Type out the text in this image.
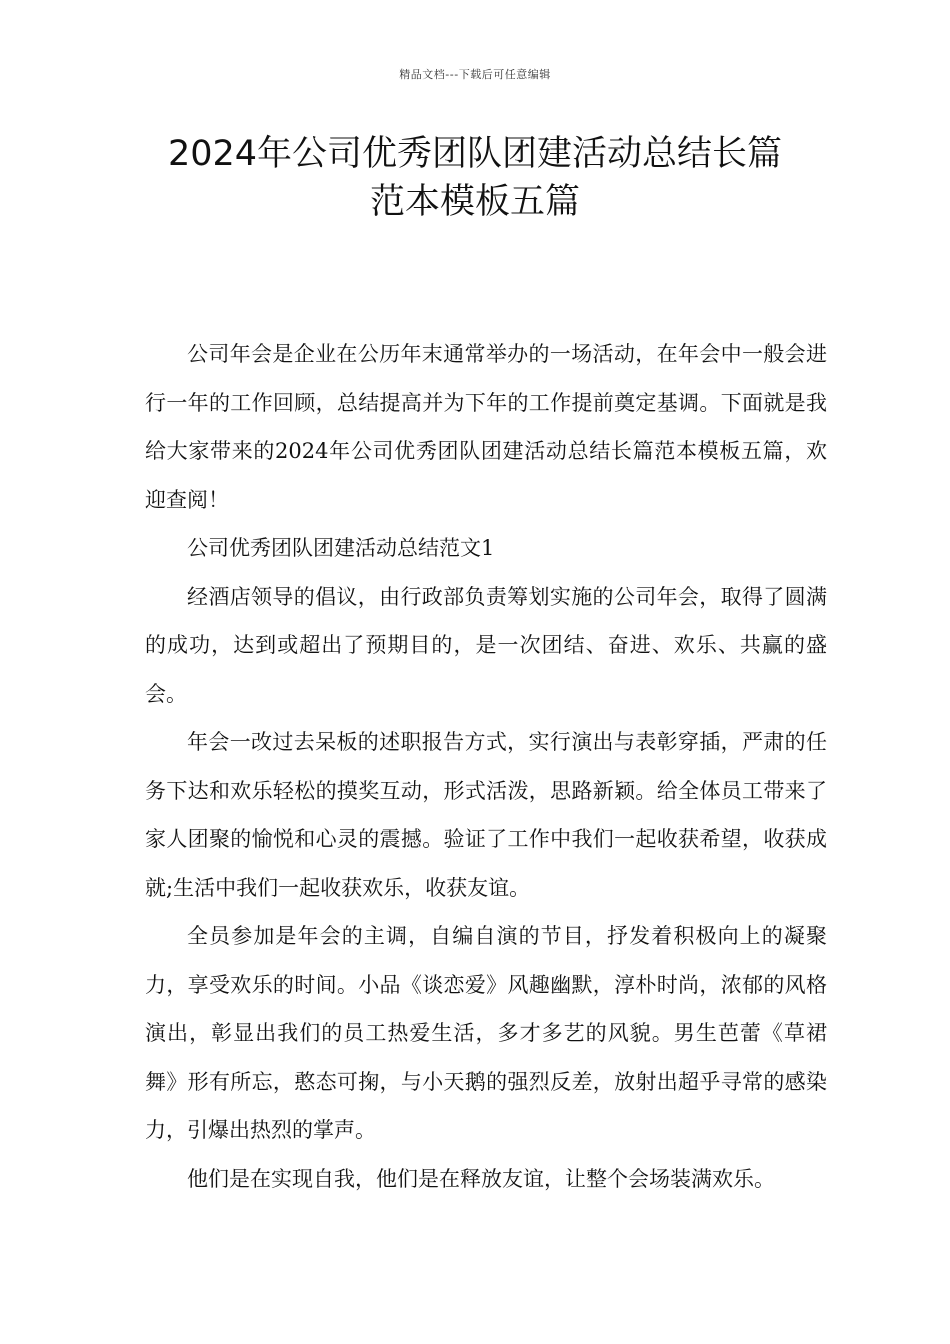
精品文档---下载后可任意编辑
2024年公司优秀团队团建活动总结长篇
范本模板五篇

公司年会是企业在公历年末通常举办的一场活动，在年会中一般会进行一年的工作回顾，总结提高并为下年的工作提前奠定基调。下面就是我给大家带来的2024年公司优秀团队团建活动总结长篇范本模板五篇，欢迎查阅！

公司优秀团队团建活动总结范文1

经酒店领导的倡议，由行政部负责筹划实施的公司年会，取得了圆满的成功，达到或超出了预期目的，是一次团结、奋进、欢乐、共赢的盛会。

年会一改过去呆板的述职报告方式，实行演出与表彰穿插，严肃的任务下达和欢乐轻松的摸奖互动，形式活泼，思路新颖。给全体员工带来了家人团聚的愉悦和心灵的震撼。验证了工作中我们一起收获希望，收获成就;生活中我们一起收获欢乐，收获友谊。

全员参加是年会的主调，自编自演的节目，抒发着积极向上的凝聚力，享受欢乐的时间。小品《谈恋爱》风趣幽默，淳朴时尚，浓郁的风格演出，彰显出我们的员工热爱生活，多才多艺的风貌。男生芭蕾《草裙舞》形有所忘，憨态可掬，与小天鹅的强烈反差，放射出超乎寻常的感染力，引爆出热烈的掌声。

他们是在实现自我，他们是在释放友谊，让整个会场装满欢乐。
